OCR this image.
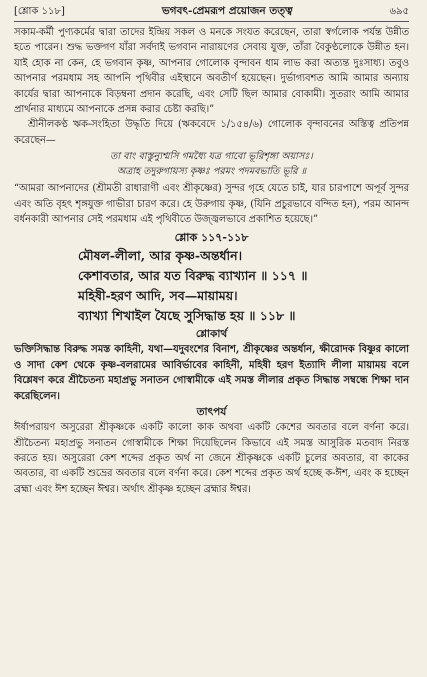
[শ্লোক ১১৮]	ভগবৎ-প্রেমরূপ প্রয়োজন তত্ত্ব	৬৯৫

সকাম-কর্মী পুণ্যকর্মের দ্বারা তাদের ইন্দ্রিয় সকল ও মনকে সংযত করেছেন, তারা স্বর্গলোক পর্যন্ত উন্নীত হতে পারেন। শুদ্ধ ভক্তগণ যাঁরা সর্বদাই ভগবান নারায়ণের সেবায় যুক্ত, তাঁরা বৈকুণ্ঠলোকে উন্নীত হন। যাই হোক না কেন, হে ভগবান কৃষ্ণ, আপনার গোলোক বৃন্দাবন ধাম লাভ করা অত্যন্ত দুঃসাধ্য। তবুও আপনার পরমধাম সহ আপনি পৃথিবীর এইস্থানে অবতীর্ণ হয়েছেন। দুর্ভাগ্যবশত আমি আমার অন্যায় কার্যের দ্বারা আপনাকে বিড়ম্বনা প্রদান করেছি, এবং সেটি ছিল আমার বোকামী। সুতরাং আমি আমার প্রার্থনার মাধ্যমে আপনাকে প্রসন্ন করার চেষ্টা করছি।”

শ্রীনীলকণ্ঠ ঋক-সংহিতা উদ্ধৃতি দিয়ে (ঋকবেদে ১/১৫৪/৬) গোলোক বৃন্দাবনের অস্তিত্ব প্রতিপন্ন করেছেন—

তা বাং বাস্তুন্যুশ্মসি গমধ্যৈ যত্র গাবো ভূরিশৃঙ্গা অয়াসঃ।
অত্রাহ তদুরুগায়স্য কৃষ্ণঃ পরমং পদমবভাতি ভূরি ॥

“আমরা আপনাদের (শ্রীমতী রাধারাণী এবং শ্রীকৃষ্ণের) সুন্দর গৃহে যেতে চাই, যার চারপাশে অপূর্ব সুন্দর এবং অতি বৃহৎ শৃঙ্গযুক্ত গাভীরা চারণ করে। হে উরুগায় কৃষ্ণ, (যিনি প্রচুরভাবে বন্দিত হন), পরম আনন্দ বর্ধনকারী আপনার সেই পরমধাম এই পৃথিবীতে উজ্জ্বলভাবে প্রকাশিত হয়েছে।”

শ্লোক ১১৭-১১৮
মৌষল-লীলা, আর কৃষ্ণ-অন্তর্ধান।
কেশাবতার, আর যত বিরুদ্ধ ব্যাখ্যান ॥ ১১৭ ॥
মহিষী-হরণ আদি, সব—মায়াময়।
ব্যাখ্যা শিখাইল যৈছে সুসিদ্ধান্ত হয় ॥ ১১৮ ॥
শ্লোকার্থ

ভক্তিসিদ্ধান্ত বিরুদ্ধ সমস্ত কাহিনী, যথা—যদুবংশের বিনাশ, শ্রীকৃষ্ণের অন্তর্ধান, ক্ষীরোদক বিষ্ণুর কালো ও সাদা কেশ থেকে কৃষ্ণ-বলরামের আবির্ভাবের কাহিনী, মহিষী হরণ ইত্যাদি লীলা মায়াময় বলে বিশ্লেষণ করে শ্রীচৈতন্য মহাপ্রভু সনাতন গোস্বামীকে এই সমস্ত লীলার প্রকৃত সিদ্ধান্ত সম্বন্ধে শিক্ষা দান করেছিলেন।

তাৎপর্য

ঈর্ষাপরায়ণ অসুরেরা শ্রীকৃষ্ণকে একটি কালো কাক অথবা একটি কেশের অবতার বলে বর্ণনা করে। শ্রীচৈতন্য মহাপ্রভু সনাতন গোস্বামীকে শিক্ষা দিয়েছিলেন কিভাবে এই সমস্ত আসুরিক মতবাদ নিরস্ত করতে হয়। অসুরেরা কেশ শব্দের প্রকৃত অর্থ না জেনে শ্রীকৃষ্ণকে একটি চুলের অবতার, বা কাকের অবতার, বা একটি শুভ্রের অবতার বলে বর্ণনা করে। কেশ শব্দের প্রকৃত অর্থ হচ্ছে ক-ঈশ, এবং ক হচ্ছেন ব্রহ্মা এবং ঈশ হচ্ছেন ঈশ্বর। অর্থাৎ শ্রীকৃষ্ণ হচ্ছেন ব্রহ্মার ঈশ্বর।
